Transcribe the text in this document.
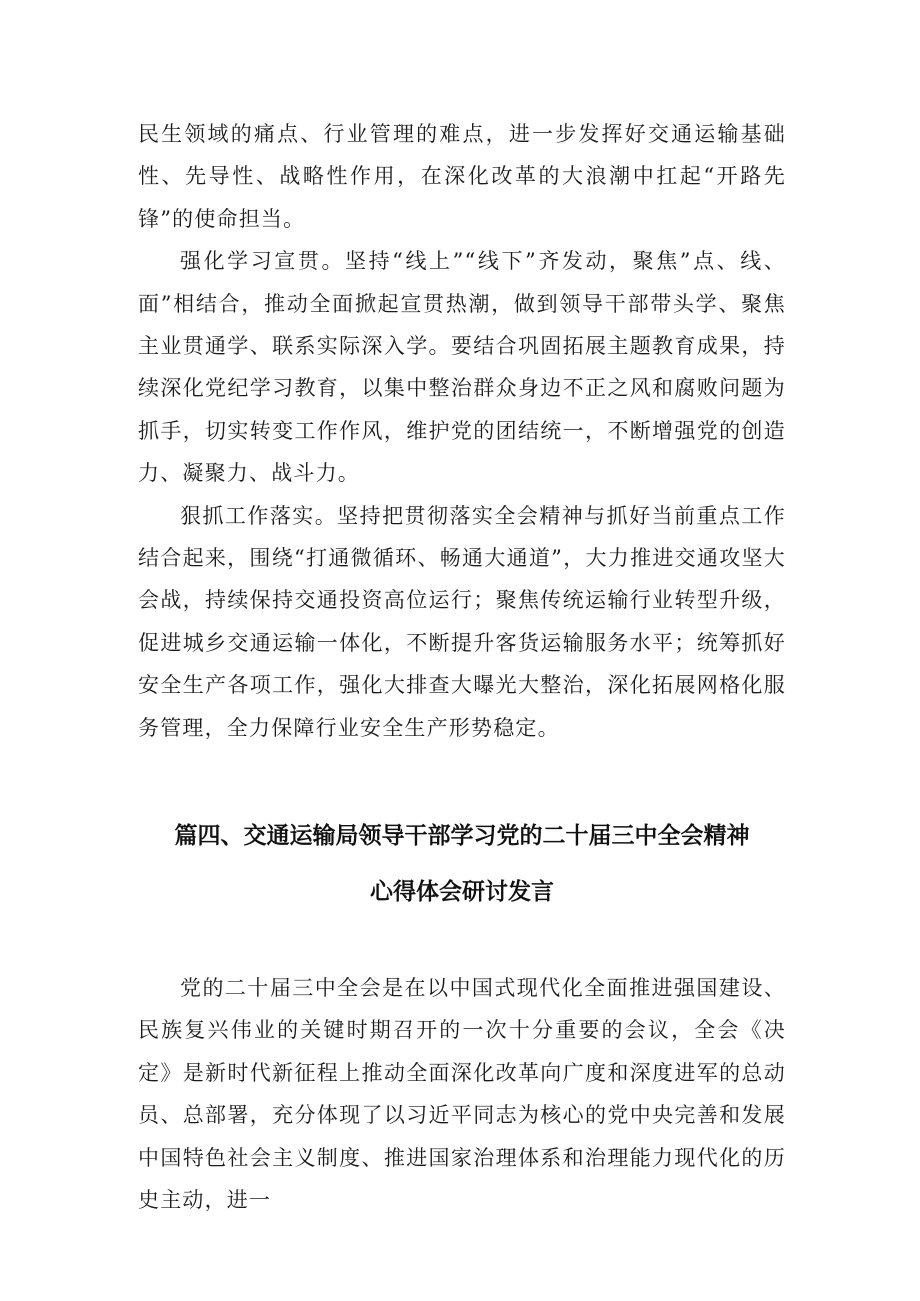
民生领域的痛点、行业管理的难点，进一步发挥好交通运输基础性、先导性、战略性作用，在深化改革的大浪潮中扛起“开路先锋”的使命担当。

强化学习宣贯。坚持“线上”“线下”齐发动，聚焦”点、线、面”相结合，推动全面掀起宣贯热潮，做到领导干部带头学、聚焦主业贯通学、联系实际深入学。要结合巩固拓展主题教育成果，持续深化党纪学习教育，以集中整治群众身边不正之风和腐败问题为抓手，切实转变工作作风，维护党的团结统一，不断增强党的创造力、凝聚力、战斗力。

狠抓工作落实。坚持把贯彻落实全会精神与抓好当前重点工作结合起来，围绕“打通微循环、畅通大通道”，大力推进交通攻坚大会战，持续保持交通投资高位运行；聚焦传统运输行业转型升级，促进城乡交通运输一体化，不断提升客货运输服务水平；统筹抓好安全生产各项工作，强化大排查大曝光大整治，深化拓展网格化服务管理，全力保障行业安全生产形势稳定。

篇四、交通运输局领导干部学习党的二十届三中全会精神
心得体会研讨发言

党的二十届三中全会是在以中国式现代化全面推进强国建设、民族复兴伟业的关键时期召开的一次十分重要的会议，全会《决定》是新时代新征程上推动全面深化改革向广度和深度进军的总动员、总部署，充分体现了以习近平同志为核心的党中央完善和发展中国特色社会主义制度、推进国家治理体系和治理能力现代化的历史主动，进一
